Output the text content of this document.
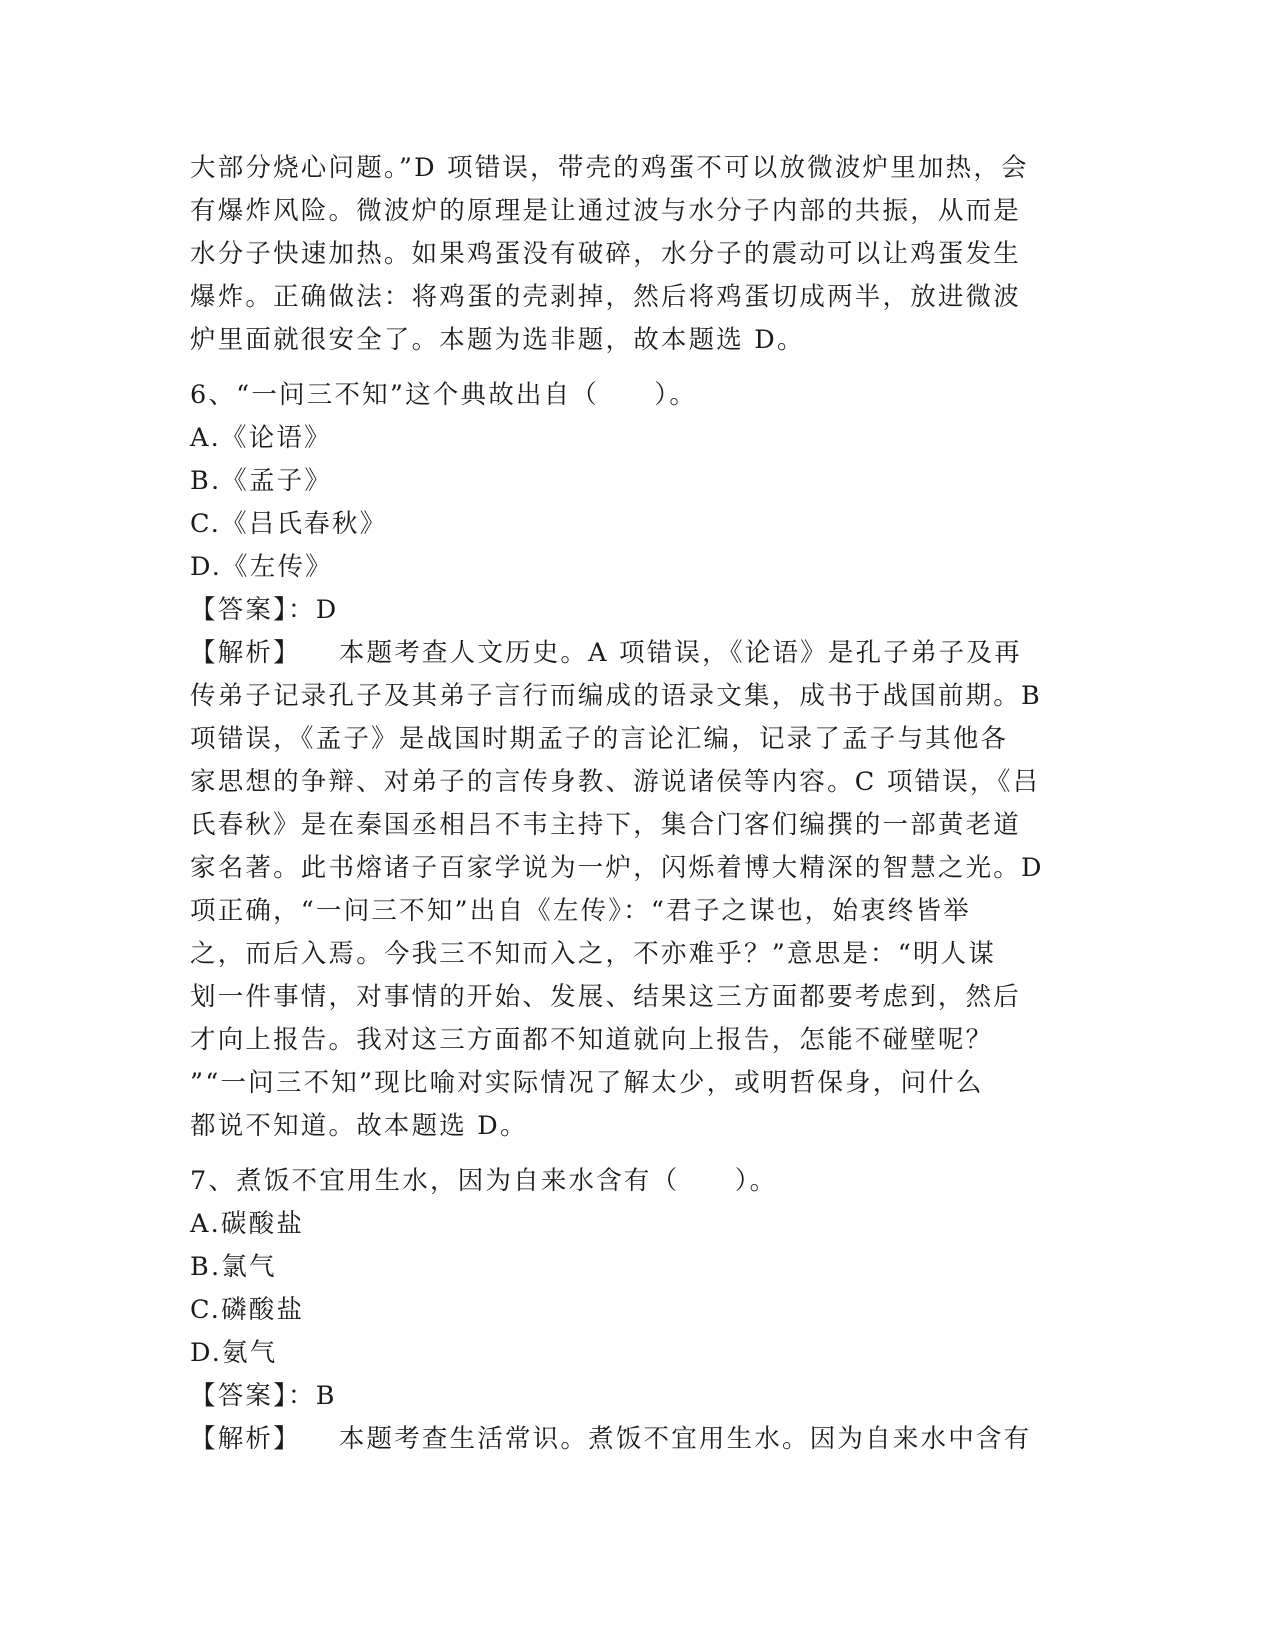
大部分烧心问题。”D 项错误，带壳的鸡蛋不可以放微波炉里加热，会
有爆炸风险。微波炉的原理是让通过波与水分子内部的共振，从而是
水分子快速加热。如果鸡蛋没有破碎，水分子的震动可以让鸡蛋发生
爆炸。正确做法：将鸡蛋的壳剥掉，然后将鸡蛋切成两半，放进微波
炉里面就很安全了。本题为选非题，故本题选 D。
6、“一问三不知”这个典故出自（　　）。
A.《论语》
B.《孟子》
C.《吕氏春秋》
D.《左传》
【答案】：D
【解析】 本题考查人文历史。A 项错误，《论语》是孔子弟子及再
传弟子记录孔子及其弟子言行而编成的语录文集，成书于战国前期。B
项错误，《孟子》是战国时期孟子的言论汇编，记录了孟子与其他各
家思想的争辩、对弟子的言传身教、游说诸侯等内容。C 项错误，《吕
氏春秋》是在秦国丞相吕不韦主持下，集合门客们编撰的一部黄老道
家名著。此书熔诸子百家学说为一炉，闪烁着博大精深的智慧之光。D
项正确，“一问三不知”出自《左传》：“君子之谋也，始衷终皆举
之，而后入焉。今我三不知而入之，不亦难乎？”意思是：“明人谋
划一件事情，对事情的开始、发展、结果这三方面都要考虑到，然后
才向上报告。我对这三方面都不知道就向上报告，怎能不碰壁呢？
”“一问三不知”现比喻对实际情况了解太少，或明哲保身，问什么
都说不知道。故本题选 D。
7、煮饭不宜用生水，因为自来水含有（　　）。
A.碳酸盐
B.氯气
C.磷酸盐
D.氨气
【答案】：B
【解析】 本题考查生活常识。煮饭不宜用生水。因为自来水中含有
